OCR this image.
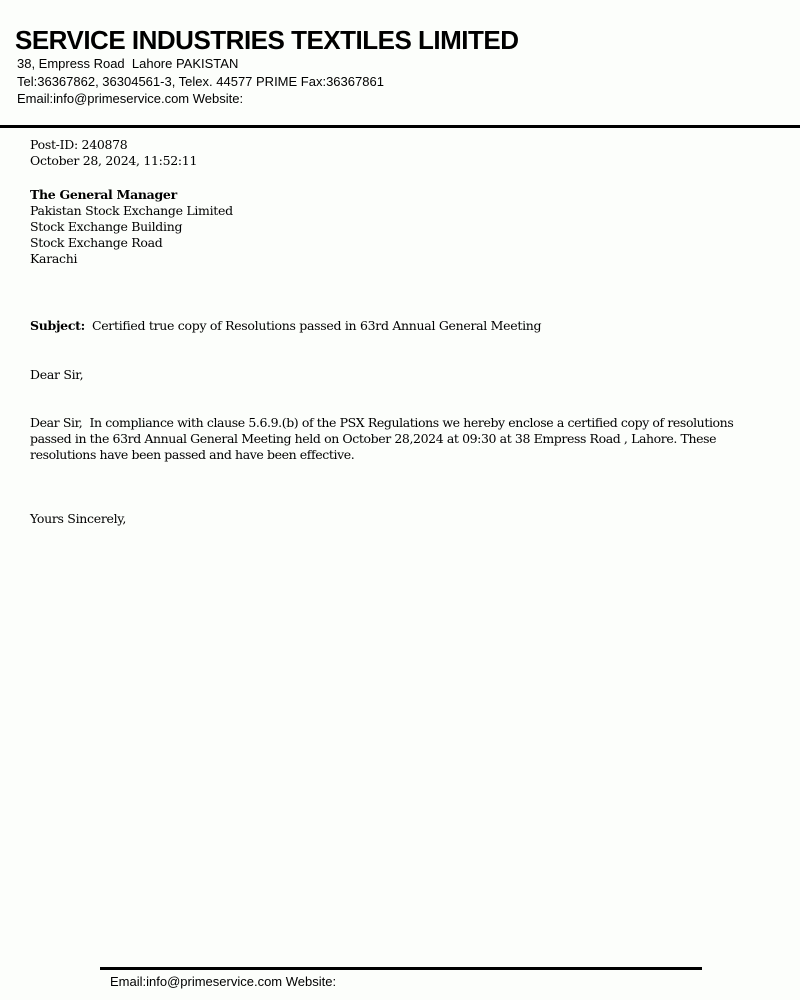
SERVICE INDUSTRIES TEXTILES LIMITED
38, Empress Road  Lahore PAKISTAN
Tel:36367862, 36304561-3, Telex. 44577 PRIME Fax:36367861
Email:info@primeservice.com Website:
Post-ID: 240878
October 28, 2024, 11:52:11
The General Manager
Pakistan Stock Exchange Limited
Stock Exchange Building
Stock Exchange Road
Karachi
Subject: Certified true copy of Resolutions passed in 63rd Annual General Meeting
Dear Sir,
Dear Sir,  In compliance with clause 5.6.9.(b) of the PSX Regulations we hereby enclose a certified copy of resolutions
passed in the 63rd Annual General Meeting held on October 28,2024 at 09:30 at 38 Empress Road , Lahore. These
resolutions have been passed and have been effective.
Yours Sincerely,
Email:info@primeservice.com Website:
